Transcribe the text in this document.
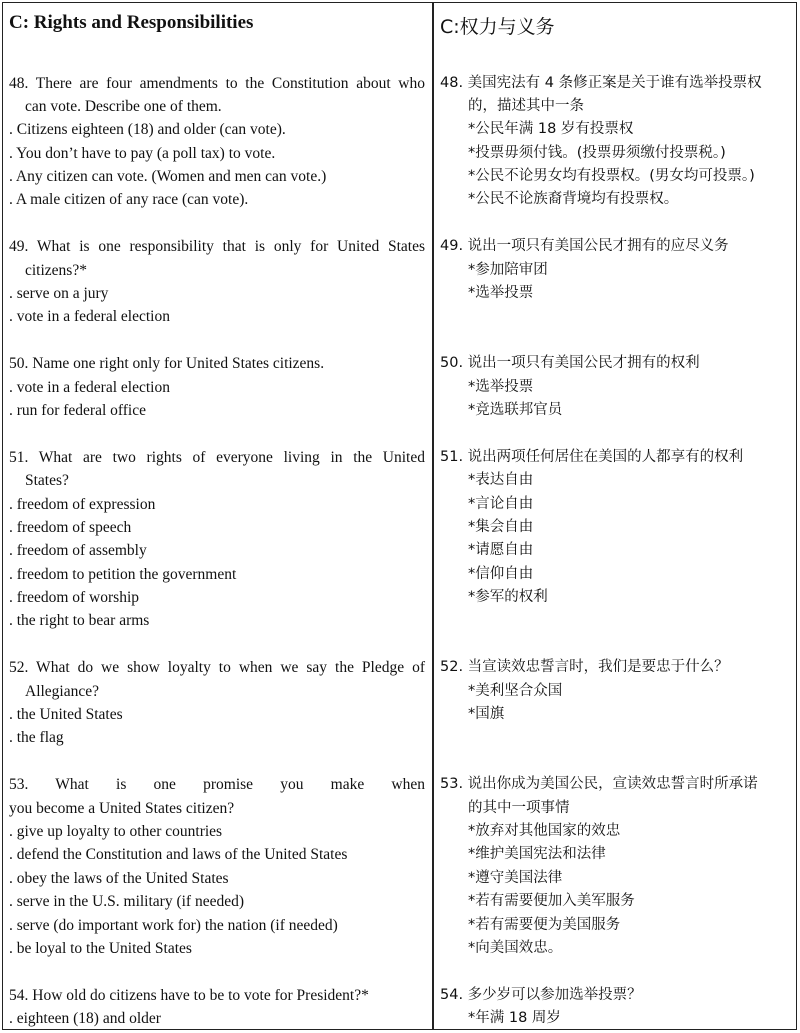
C: Rights and Responsibilities
48. There are four amendments to the Constitution about who
can vote. Describe one of them.
. Citizens eighteen (18) and older (can vote).
. You don’t have to pay (a poll tax) to vote.
. Any citizen can vote. (Women and men can vote.)
. A male citizen of any race (can vote).
49. What is one responsibility that is only for United States
citizens?*
. serve on a jury
. vote in a federal election
50. Name one right only for United States citizens.
. vote in a federal election
. run for federal office
51. What are two rights of everyone living in the United
States?
. freedom of expression
. freedom of speech
. freedom of assembly
. freedom to petition the government
. freedom of worship
. the right to bear arms
52. What do we show loyalty to when we say the Pledge of
Allegiance?
. the United States
. the flag
53. What is one promise you make when
you become a United States citizen?
. give up loyalty to other countries
. defend the Constitution and laws of the United States
. obey the laws of the United States
. serve in the U.S. military (if needed)
. serve (do important work for) the nation (if needed)
. be loyal to the United States
54. How old do citizens have to be to vote for President?*
. eighteen (18) and older
C:权力与义务
48. 美国宪法有 4 条修正案是关于谁有选举投票权
的，描述其中一条
*公民年满 18 岁有投票权
*投票毋须付钱。(投票毋须缴付投票税。)
*公民不论男女均有投票权。(男女均可投票。)
*公民不论族裔背境均有投票权。
49. 说出一项只有美国公民才拥有的应尽义务
*参加陪审团
*选举投票
50. 说出一项只有美国公民才拥有的权利
*选举投票
*竞选联邦官员
51. 说出两项任何居住在美国的人都享有的权利
*表达自由
*言论自由
*集会自由
*请愿自由
*信仰自由
*参军的权利
52. 当宣读效忠誓言时，我们是要忠于什么？
*美利坚合众国
*国旗
53. 说出你成为美国公民，宣读效忠誓言时所承诺
的其中一项事情
*放弃对其他国家的效忠
*维护美国宪法和法律
*遵守美国法律
*若有需要便加入美军服务
*若有需要便为美国服务
*向美国效忠。
54. 多少岁可以参加选举投票？
*年满 18 周岁
